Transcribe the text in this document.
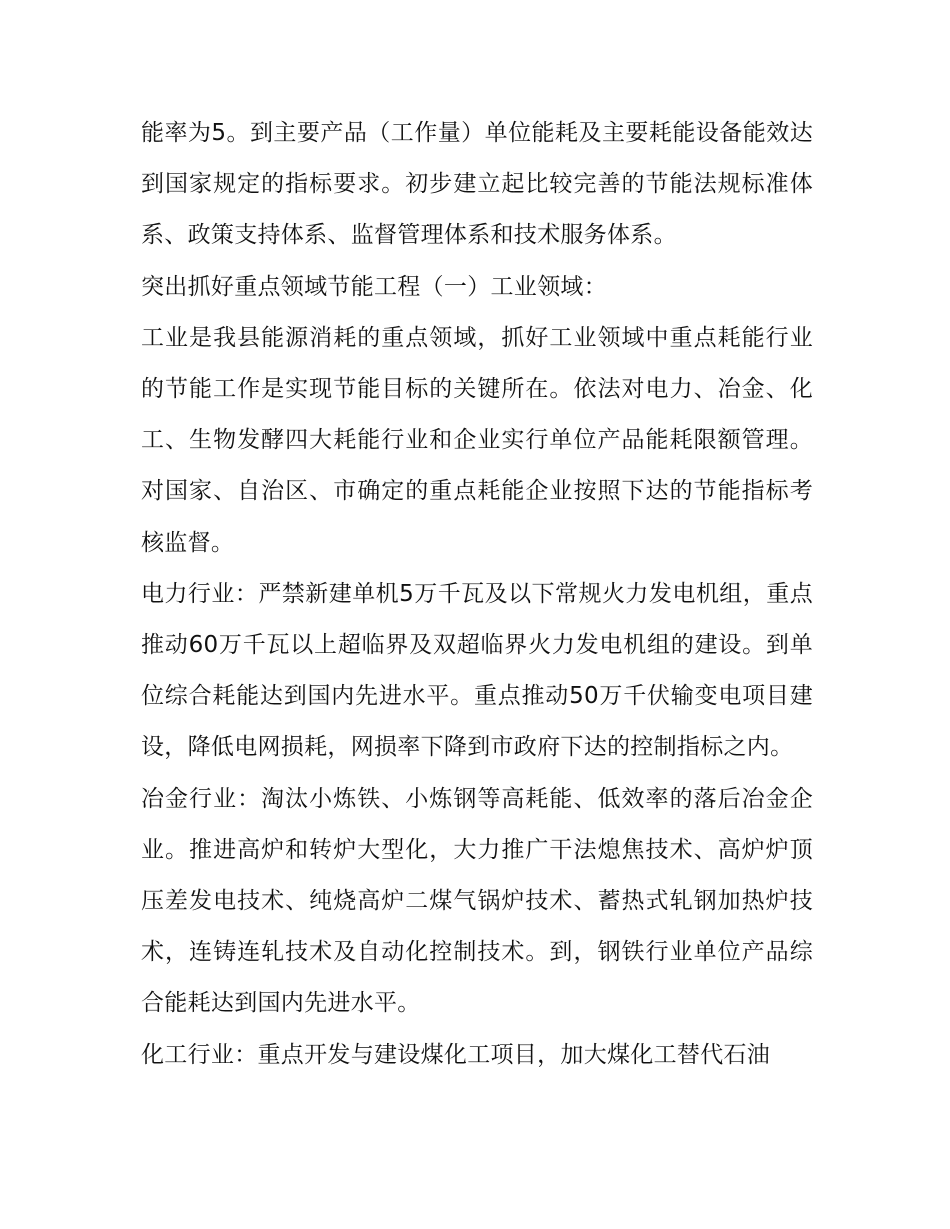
能率为5。到主要产品（工作量）单位能耗及主要耗能设备能效达到国家规定的指标要求。初步建立起比较完善的节能法规标准体系、政策支持体系、监督管理体系和技术服务体系。

突出抓好重点领域节能工程（一）工业领域：

工业是我县能源消耗的重点领域，抓好工业领域中重点耗能行业的节能工作是实现节能目标的关键所在。依法对电力、冶金、化工、生物发酵四大耗能行业和企业实行单位产品能耗限额管理。对国家、自治区、市确定的重点耗能企业按照下达的节能指标考核监督。

电力行业：严禁新建单机5万千瓦及以下常规火力发电机组，重点推动60万千瓦以上超临界及双超临界火力发电机组的建设。到单位综合耗能达到国内先进水平。重点推动50万千伏输变电项目建设，降低电网损耗，网损率下降到市政府下达的控制指标之内。

冶金行业：淘汰小炼铁、小炼钢等高耗能、低效率的落后冶金企业。推进高炉和转炉大型化，大力推广干法熄焦技术、高炉炉顶压差发电技术、纯烧高炉二煤气锅炉技术、蓄热式轧钢加热炉技术，连铸连轧技术及自动化控制技术。到，钢铁行业单位产品综合能耗达到国内先进水平。

化工行业：重点开发与建设煤化工项目，加大煤化工替代石油
